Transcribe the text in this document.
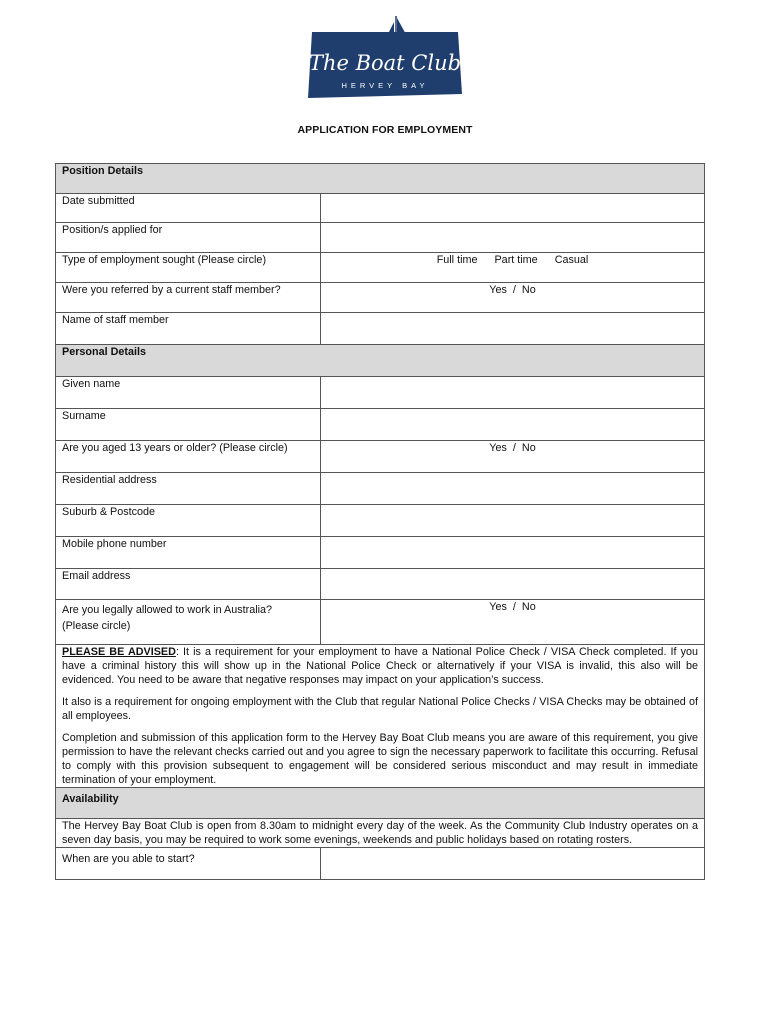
The Boat Club
HERVEY BAY
APPLICATION FOR EMPLOYMENT
Position Details	
Date submitted	
Position/s applied for	
Type of employment sought (Please circle)	Full time Part time Casual
Were you referred by a current staff member?	Yes  /  No
Name of staff member	
Personal Details	
Given name	
Surname	
Are you aged 13 years or older? (Please circle)	Yes  /  No
Residential address	
Suburb & Postcode	
Mobile phone number	
Email address	

Are you legally allowed to work in Australia?
(Please circle)	Yes  /  No

PLEASE BE ADVISED: It is a requirement for your employment to have a National Police Check / VISA Check completed. If you have a criminal history this will show up in the National Police Check or alternatively if your VISA is invalid, this also will be evidenced. You need to be aware that negative responses may impact on your application’s success.

It also is a requirement for ongoing employment with the Club that regular National Police Checks / VISA Checks may be obtained of all employees.

Completion and submission of this application form to the Hervey Bay Boat Club means you are aware of this requirement, you give permission to have the relevant checks carried out and you agree to sign the necessary paperwork to facilitate this occurring. Refusal to comply with this provision subsequent to engagement will be considered serious misconduct and may result in immediate termination of your employment.	

Availability	
The Hervey Bay Boat Club is open from 8.30am to midnight every day of the week. As the Community Club Industry operates on a seven day basis, you may be required to work some evenings, weekends and public holidays based on rotating rosters.	
When are you able to start?	
